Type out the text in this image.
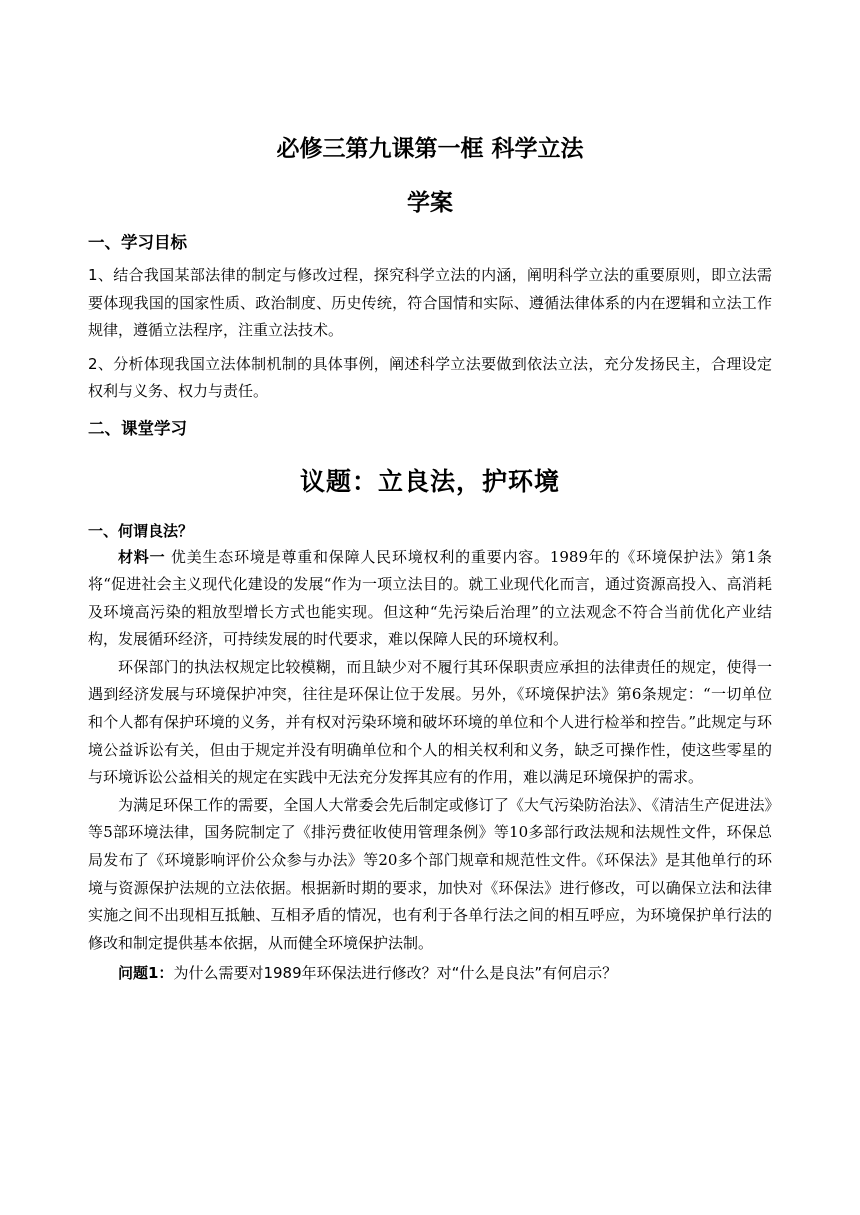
必修三第九课第一框 科学立法
学案
一、学习目标

1、结合我国某部法律的制定与修改过程，探究科学立法的内涵，阐明科学立法的重要原则，即立法需要体现我国的国家性质、政治制度、历史传统，符合国情和实际、遵循法律体系的内在逻辑和立法工作规律，遵循立法程序，注重立法技术。

2、分析体现我国立法体制机制的具体事例，阐述科学立法要做到依法立法，充分发扬民主，合理设定权利与义务、权力与责任。

二、课堂学习
议题：立良法，护环境
一、何谓良法？

材料一 优美生态环境是尊重和保障人民环境权利的重要内容。1989年的《环境保护法》第1条将“促进社会主义现代化建设的发展“作为一项立法目的。就工业现代化而言，通过资源高投入、高消耗及环境高污染的粗放型增长方式也能实现。但这种“先污染后治理”的立法观念不符合当前优化产业结构，发展循环经济，可持续发展的时代要求，难以保障人民的环境权利。

环保部门的执法权规定比较模糊，而且缺少对不履行其环保职责应承担的法律责任的规定，使得一遇到经济发展与环境保护冲突，往往是环保让位于发展。另外，《环境保护法》第6条规定：“一切单位和个人都有保护环境的义务，并有权对污染环境和破坏环境的单位和个人进行检举和控告。”此规定与环境公益诉讼有关，但由于规定并没有明确单位和个人的相关权利和义务，缺乏可操作性，使这些零星的与环境诉讼公益相关的规定在实践中无法充分发挥其应有的作用，难以满足环境保护的需求。

为满足环保工作的需要，全国人大常委会先后制定或修订了《大气污染防治法》、《清洁生产促进法》等5部环境法律，国务院制定了《排污费征收使用管理条例》等10多部行政法规和法规性文件，环保总局发布了《环境影响评价公众参与办法》等20多个部门规章和规范性文件。《环保法》是其他单行的环境与资源保护法规的立法依据。根据新时期的要求，加快对《环保法》进行修改，可以确保立法和法律实施之间不出现相互抵触、互相矛盾的情况，也有利于各单行法之间的相互呼应，为环境保护单行法的修改和制定提供基本依据，从而健全环境保护法制。

问题1：为什么需要对1989年环保法进行修改？对“什么是良法”有何启示？
